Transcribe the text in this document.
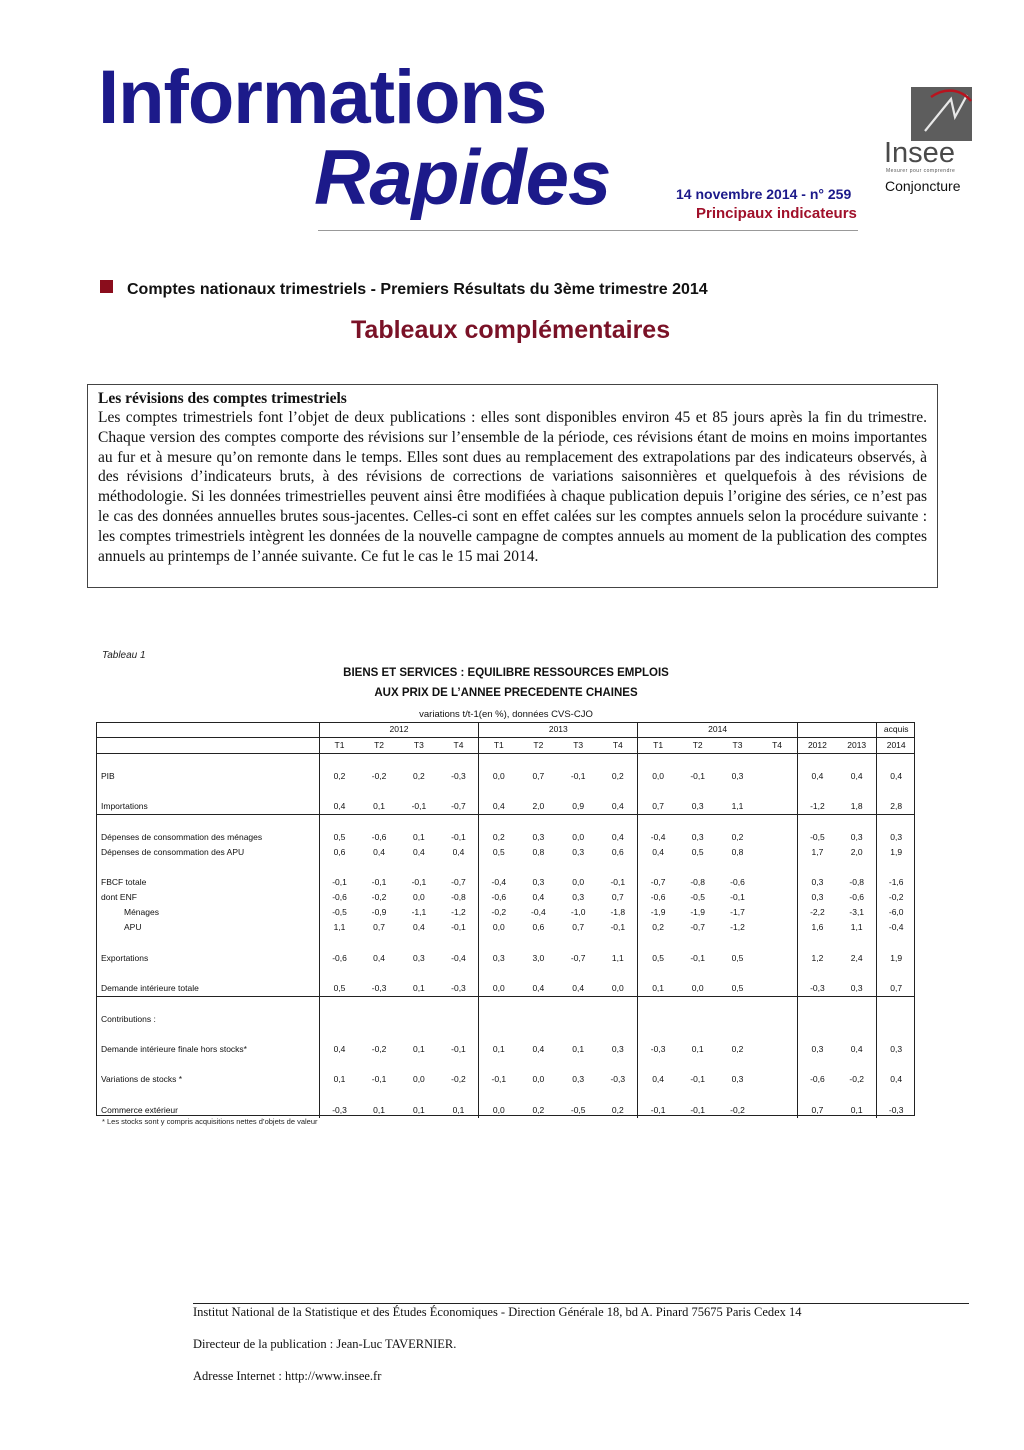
Informations
Rapides	14 novembre 2014 - n° 259
Principaux indicateurs
Insee
Mesurer pour comprendre
Conjoncture
Comptes nationaux trimestriels - Premiers Résultats du 3ème trimestre 2014
Tableaux complémentaires
Les révisions des comptes trimestriels
Les comptes trimestriels font l’objet de deux publications : elles sont disponibles environ 45 et 85 jours après la fin du trimestre. Chaque version des comptes comporte des révisions sur l’ensemble de la période, ces révisions étant de moins en moins importantes au fur et à mesure qu’on remonte dans le temps. Elles sont dues au remplacement des extrapolations par des indicateurs observés, à des révisions d’indicateurs bruts, à des révisions de corrections de variations saisonnières et quelquefois à des révisions de méthodologie. Si les données trimestrielles peuvent ainsi être modifiées à chaque publication depuis l’origine des séries, ce n’est pas le cas des données annuelles brutes sous-jacentes. Celles-ci sont en effet calées sur les comptes annuels selon la procédure suivante : les comptes trimestriels intègrent les données de la nouvelle campagne de comptes annuels au moment de la publication des comptes annuels au printemps de l’année suivante. Ce fut le cas le 15 mai 2014.
Tableau 1
BIENS ET SERVICES : EQUILIBRE RESSOURCES EMPLOIS
AUX PRIX DE L’ANNEE PRECEDENTE CHAINES
variations t/t-1(en %), données CVS-CJO
	2012				2013				2014						acquis
	T1	T2	T3	T4	T1	T2	T3	T4	T1	T2	T3	T4	2012	2013	2014

PIB	0,2	-0,2	0,2	-0,3	0,0	0,7	-0,1	0,2	0,0	-0,1	0,3		0,4	0,4	0,4

Importations	0,4	0,1	-0,1	-0,7	0,4	2,0	0,9	0,4	0,7	0,3	1,1		-1,2	1,8	2,8

Dépenses de consommation des ménages	0,5	-0,6	0,1	-0,1	0,2	0,3	0,0	0,4	-0,4	0,3	0,2		-0,5	0,3	0,3
Dépenses de consommation des APU	0,6	0,4	0,4	0,4	0,5	0,8	0,3	0,6	0,4	0,5	0,8		1,7	2,0	1,9

FBCF totale	-0,1	-0,1	-0,1	-0,7	-0,4	0,3	0,0	-0,1	-0,7	-0,8	-0,6		0,3	-0,8	-1,6
dont ENF	-0,6	-0,2	0,0	-0,8	-0,6	0,4	0,3	0,7	-0,6	-0,5	-0,1		0,3	-0,6	-0,2
Ménages	-0,5	-0,9	-1,1	-1,2	-0,2	-0,4	-1,0	-1,8	-1,9	-1,9	-1,7		-2,2	-3,1	-6,0
APU	1,1	0,7	0,4	-0,1	0,0	0,6	0,7	-0,1	0,2	-0,7	-1,2		1,6	1,1	-0,4

Exportations	-0,6	0,4	0,3	-0,4	0,3	3,0	-0,7	1,1	0,5	-0,1	0,5		1,2	2,4	1,9

Demande intérieure totale	0,5	-0,3	0,1	-0,3	0,0	0,4	0,4	0,0	0,1	0,0	0,5		-0,3	0,3	0,7

Contributions :															

Demande intérieure finale hors stocks*	0,4	-0,2	0,1	-0,1	0,1	0,4	0,1	0,3	-0,3	0,1	0,2		0,3	0,4	0,3

Variations de stocks *	0,1	-0,1	0,0	-0,2	-0,1	0,0	0,3	-0,3	0,4	-0,1	0,3		-0,6	-0,2	0,4

Commerce extérieur	-0,3	0,1	0,1	0,1	0,0	0,2	-0,5	0,2	-0,1	-0,1	-0,2		0,7	0,1	-0,3
* Les stocks sont y compris acquisitions nettes d’objets de valeur
Institut National de la Statistique et des Études Économiques - Direction Générale 18, bd A. Pinard 75675 Paris Cedex 14
Directeur de la publication : Jean-Luc TAVERNIER.
Adresse Internet : http://www.insee.fr
